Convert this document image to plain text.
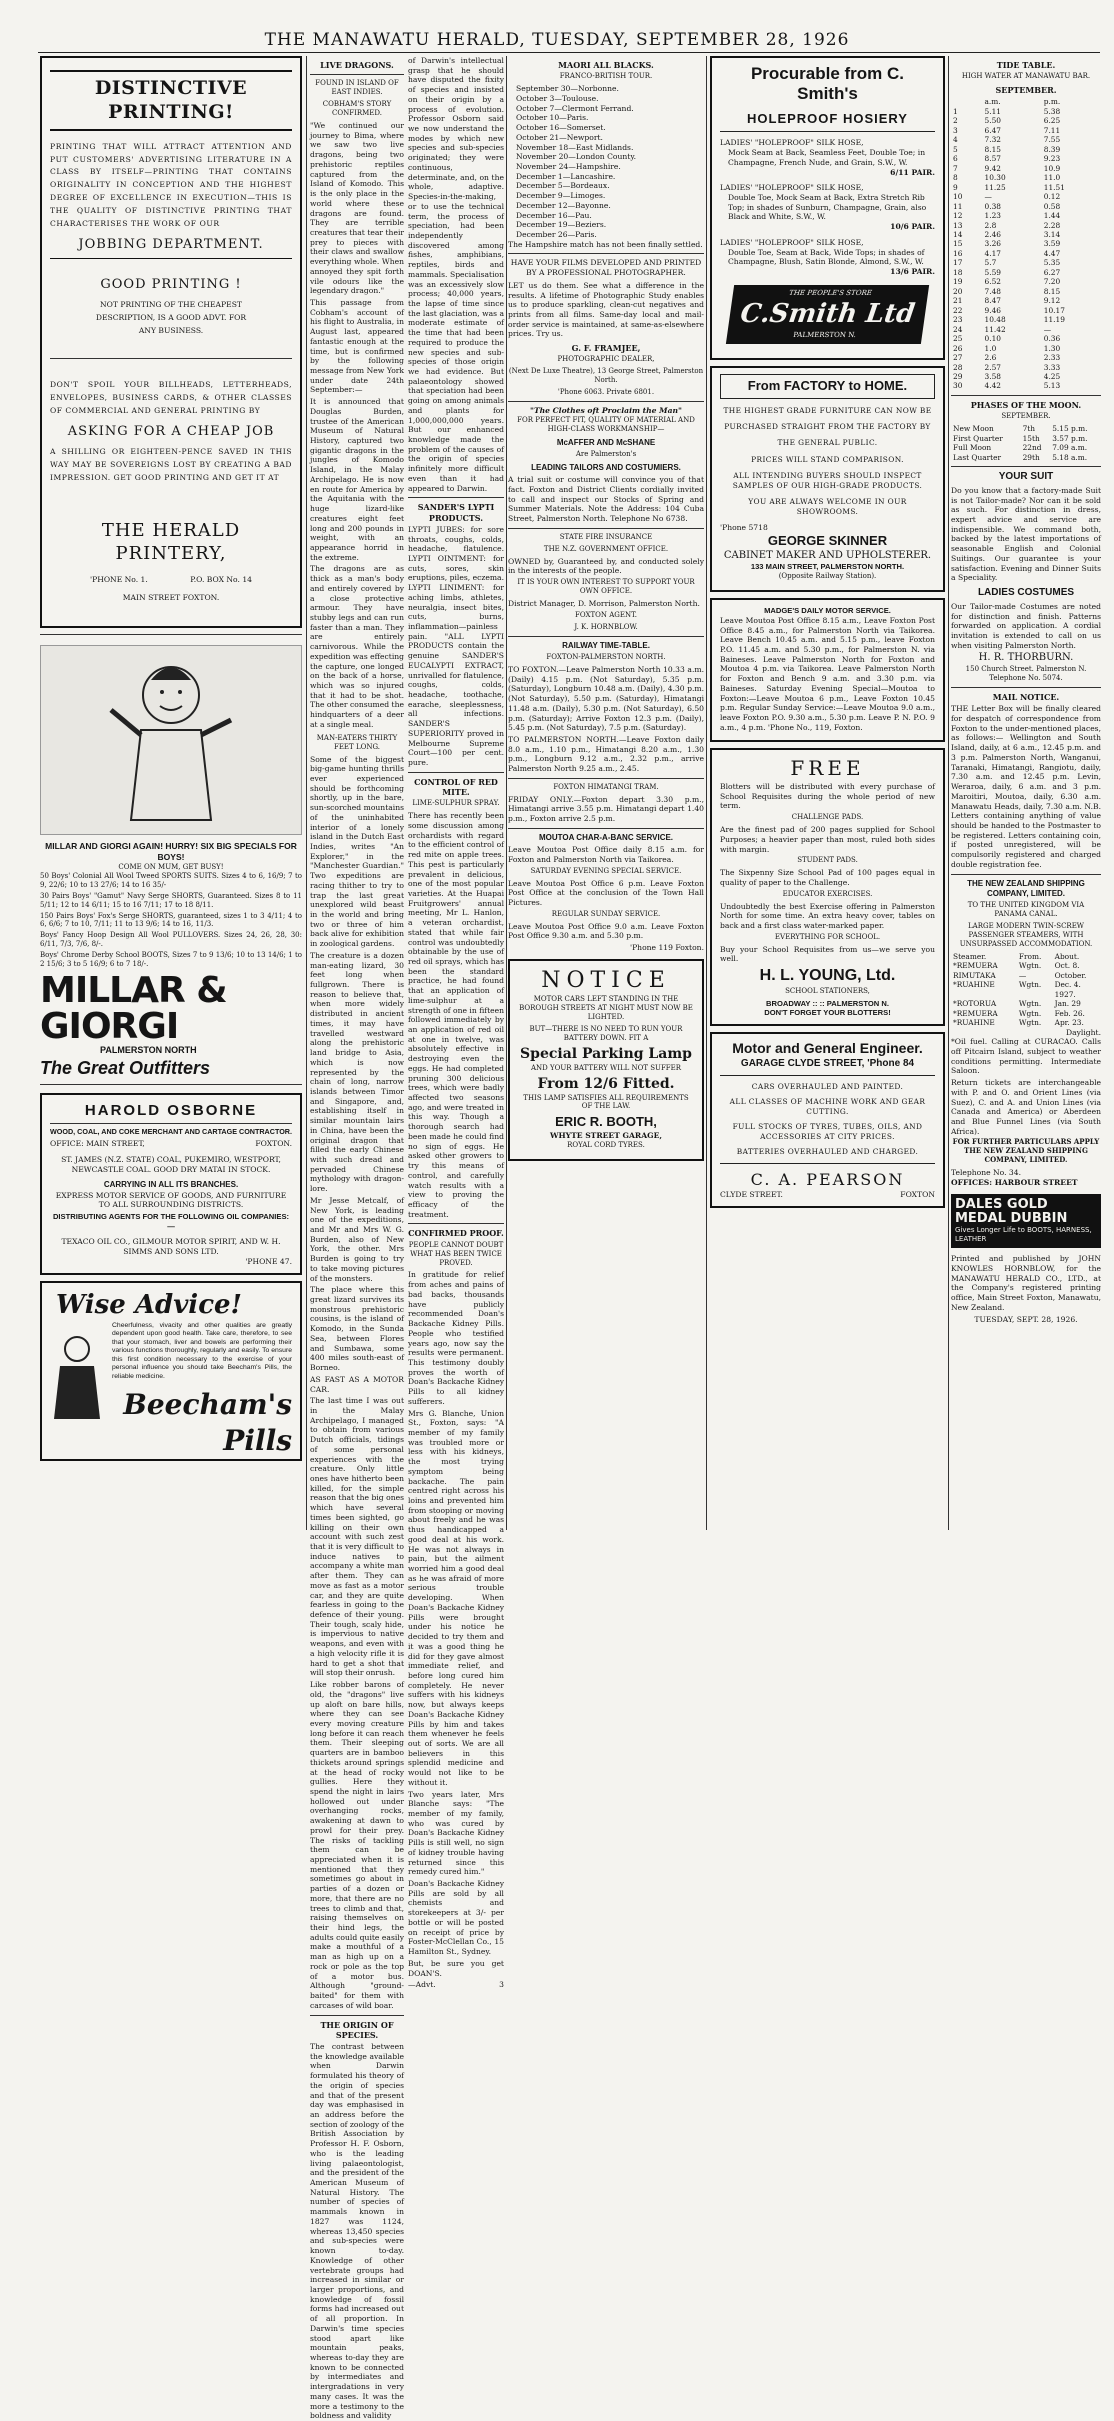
THE MANAWATU HERALD, TUESDAY, SEPTEMBER 28, 1926
DISTINCTIVE PRINTING!

PRINTING THAT WILL ATTRACT ATTENTION AND PUT CUSTOMERS' ADVERTISING LITERATURE IN A CLASS BY ITSELF—PRINTING THAT CONTAINS ORIGINALITY IN CONCEPTION AND THE HIGHEST DEGREE OF EXCELLENCE IN EXECUTION—THIS IS THE QUALITY OF DISTINCTIVE PRINTING THAT CHARACTERISES THE WORK OF OUR

JOBBING DEPARTMENT.
GOOD PRINTING !

NOT PRINTING OF THE CHEAPEST DESCRIPTION, IS A GOOD ADVT. FOR ANY BUSINESS.

DON'T SPOIL YOUR BILLHEADS, LETTERHEADS, ENVELOPES, BUSINESS CARDS, & OTHER CLASSES OF COMMERCIAL AND GENERAL PRINTING BY

ASKING FOR A CHEAP JOB

A SHILLING OR EIGHTEEN-PENCE SAVED IN THIS WAY MAY BE SOVEREIGNS LOST BY CREATING A BAD IMPRESSION. GET GOOD PRINTING AND GET IT AT

THE HERALD PRINTERY,
'PHONE No. 1.	P.O. BOX No. 14
MAIN STREET FOXTON.
MILLAR AND GIORGI AGAIN! HURRY! SIX BIG SPECIALS FOR BOYS!
COME ON MUM, GET BUSY!

50 Boys' Colonial All Wool Tweed SPORTS SUITS. Sizes 4 to 6, 16/9; 7 to 9, 22/6; 10 to 13 27/6; 14 to 16 35/-

30 Pairs Boys' "Gamut" Navy Serge SHORTS, Guaranteed. Sizes 8 to 11 5/11; 12 to 14 6/11; 15 to 16 7/11; 17 to 18 8/11.

150 Pairs Boys' Fox's Serge SHORTS, guaranteed, sizes 1 to 3 4/11; 4 to 6, 6/6; 7 to 10, 7/11; 11 to 13 9/6; 14 to 16, 11/3.

Boys' Fancy Hoop Design All Wool PULLOVERS. Sizes 24, 26, 28, 30: 6/11, 7/3, 7/6, 8/-.

Boys' Chrome Derby School BOOTS, Sizes 7 to 9 13/6; 10 to 13 14/6; 1 to 2 15/6; 3 to 5 16/9; 6 to 7 18/-.

MILLAR & GIORGI
PALMERSTON NORTH
The Great Outfitters
HAROLD OSBORNE
WOOD, COAL, AND COKE MERCHANT AND CARTAGE CONTRACTOR.
OFFICE: MAIN STREET,	FOXTON.
ST. JAMES (N.Z. STATE) COAL, PUKEMIRO, WESTPORT, NEWCASTLE COAL. GOOD DRY MATAI IN STOCK.
CARRYING IN ALL ITS BRANCHES.
EXPRESS MOTOR SERVICE OF GOODS, AND FURNITURE TO ALL SURROUNDING DISTRICTS.
DISTRIBUTING AGENTS FOR THE FOLLOWING OIL COMPANIES:—
TEXACO OIL CO., GILMOUR MOTOR SPIRIT, AND W. H. SIMMS AND SONS LTD.
'PHONE 47.
Wise Advice!

Cheerfulness, vivacity and other qualities are greatly dependent upon good health. Take care, therefore, to see that your stomach, liver and bowels are performing their various functions thoroughly, regularly and easily. To ensure this first condition necessary to the exercise of your personal influence you should take Beecham's Pills, the reliable medicine.

Beecham's Pills
LIVE DRAGONS.
FOUND IN ISLAND OF EAST INDIES.
COBHAM'S STORY CONFIRMED.

"We continued our journey to Bima, where we saw two live dragons, being two prehistoric reptiles captured from the Island of Komodo. This is the only place in the world where these dragons are found. They are terrible creatures that tear their prey to pieces with their claws and swallow everything whole. When annoyed they spit forth vile odours like the legendary dragon."

This passage from Cobham's account of his flight to Australia, in August last, appeared fantastic enough at the time, but is confirmed by the following message from New York under date 24th September:—

It is announced that Douglas Burden, trustee of the American Museum of Natural History, captured two gigantic dragons in the jungles of Komodo Island, in the Malay Archipelago. He is now en route for America by the Aquitania with the huge lizard-like creatures eight feet long and 200 pounds in weight, with an appearance horrid in the extreme.

The dragons are as thick as a man's body and entirely covered by a close protective armour. They have stubby legs and can run faster than a man. They are entirely carnivorous. While the expedition was effecting the capture, one longed on the back of a horse, which was so injured that it had to be shot. The other consumed the hindquarters of a deer at a single meal.

MAN-EATERS THIRTY FEET LONG.

Some of the biggest big-game hunting thrills ever experienced should be forthcoming shortly, up in the bare, sun-scorched mountains of the uninhabited interior of a lonely island in the Dutch East Indies, writes "An Explorer," in the "Manchester Guardian." Two expeditions are racing thither to try to trap the last great unexplored wild beast in the world and bring two or three of him back alive for exhibition in zoological gardens.

The creature is a dozen man-eating lizard, 30 feet long when fullgrown. There is reason to believe that, when more widely distributed in ancient times, it may have travelled westward along the prehistoric land bridge to Asia, which is now represented by the chain of long, narrow islands between Timor and Singapore, and, establishing itself in similar mountain lairs in China, have been the original dragon that filled the early Chinese with such dread and pervaded Chinese mythology with dragon-lore.

Mr Jesse Metcalf, of New York, is leading one of the expeditions, and Mr and Mrs W. G. Burden, also of New York, the other. Mrs Burden is going to try to take moving pictures of the monsters.

The place where this great lizard survives its monstrous prehistoric cousins, is the island of Komodo, in the Sunda Sea, between Flores and Sumbawa, some 400 miles south-east of Borneo.

AS FAST AS A MOTOR CAR.

The last time I was out in the Malay Archipelago, I managed to obtain from various Dutch officials, tidings of some personal experiences with the creature. Only little ones have hitherto been killed, for the simple reason that the big ones which have several times been sighted, go killing on their own account with such zest that it is very difficult to induce natives to accompany a white man after them. They can move as fast as a motor car, and they are quite fearless in going to the defence of their young. Their tough, scaly hide, is impervious to native weapons, and even with a high velocity rifle it is hard to get a shot that will stop their onrush.

Like robber barons of old, the "dragons" live up aloft on bare hills, where they can see every moving creature long before it can reach them. Their sleeping quarters are in bamboo thickets around springs at the head of rocky gullies. Here they spend the night in lairs hollowed out under overhanging rocks, awakening at dawn to prowl for their prey. The risks of tackling them can be appreciated when it is mentioned that they sometimes go about in parties of a dozen or more, that there are no trees to climb and that, raising themselves on their hind legs, the adults could quite easily make a mouthful of a man as high up on a rock or pole as the top of a motor bus. Although "ground-baited" for them with carcases of wild boar.

THE ORIGIN OF SPECIES.

The contrast between the knowledge available when Darwin formulated his theory of the origin of species and that of the present day was emphasised in an address before the section of zoology of the British Association by Professor H. F. Osborn, who is the leading living palaeontologist, and the president of the American Museum of Natural History. The number of species of mammals known in 1827 was 1124, whereas 13,450 species and sub-species were known to-day. Knowledge of other vertebrate groups had increased in similar or larger proportions, and knowledge of fossil forms had increased out of all proportion. In Darwin's time species stood apart like mountain peaks, whereas to-day they are known to be connected by intermediates and intergradations in very many cases. It was the more a testimony to the boldness and validity

of Darwin's intellectual grasp that he should have disputed the fixity of species and insisted on their origin by a process of evolution. Professor Osborn said we now understand the modes by which new species and sub-species originated; they were continuous, determinate, and, on the whole, adaptive. Species-in-the-making, or to use the technical term, the process of speciation, had been independently discovered among fishes, amphibians, reptiles, birds and mammals. Specialisation was an excessively slow process; 40,000 years, the lapse of time since the last glaciation, was a moderate estimate of the time that had been required to produce the new species and sub-species of those origin we had evidence. But palaeontology showed that speciation had been going on among animals and plants for 1,000,000,000 years. But our enhanced knowledge made the problem of the causes of the origin of species infinitely more difficult even than it had appeared to Darwin.

SANDER'S LYPTI PRODUCTS.

LYPTI JUBES: for sore throats, coughs, colds, headache, flatulence. LYPTI OINTMENT: for cuts, sores, skin eruptions, piles, eczema. LYPTI LINIMENT: for aching limbs, athletes, neuralgia, insect bites, cuts, burns, inflammation—painless pain. "ALL LYPTI PRODUCTS contain the genuine SANDER'S EUCALYPTI EXTRACT, unrivalled for flatulence, coughs, colds, headache, toothache, earache, sleeplessness, all infections. SANDER'S SUPERIORITY proved in Melbourne Supreme Court—100 per cent. pure.

CONTROL OF RED MITE.
LIME-SULPHUR SPRAY.

There has recently been some discussion among orchardists with regard to the efficient control of red mite on apple trees. This pest is particularly prevalent in delicious, one of the most popular varieties. At the Huapai Fruitgrowers' annual meeting, Mr L. Hanlon, a veteran orchardist, stated that while fair control was undoubtedly obtainable by the use of red oil sprays, which has been the standard practice, he had found that an application of lime-sulphur at a strength of one in fifteen followed immediately by an application of red oil at one in twelve, was absolutely effective in destroying even the eggs. He had completed pruning 300 delicious trees, which were badly affected two seasons ago, and were treated in this way. Though a thorough search had been made he could find no sign of eggs. He asked other growers to try this means of control, and carefully watch results with a view to proving the efficacy of the treatment.

CONFIRMED PROOF.
PEOPLE CANNOT DOUBT WHAT HAS BEEN TWICE PROVED.

In gratitude for relief from aches and pains of bad backs, thousands have publicly recommended Doan's Backache Kidney Pills. People who testified years ago, now say the results were permanent. This testimony doubly proves the worth of Doan's Backache Kidney Pills to all kidney sufferers.

Mrs G. Blanche, Union St., Foxton, says: "A member of my family was troubled more or less with his kidneys, the most trying symptom being backache. The pain centred right across his loins and prevented him from stooping or moving about freely and he was thus handicapped a good deal at his work. He was not always in pain, but the ailment worried him a good deal as he was afraid of more serious trouble developing. When Doan's Backache Kidney Pills were brought under his notice he decided to try them and it was a good thing he did for they gave almost immediate relief, and before long cured him completely. He never suffers with his kidneys now, but always keeps Doan's Backache Kidney Pills by him and takes them whenever he feels out of sorts. We are all believers in this splendid medicine and would not like to be without it.

Two years later, Mrs Blanche says: "The member of my family, who was cured by Doan's Backache Kidney Pills is still well, no sign of kidney trouble having returned since this remedy cured him."

Doan's Backache Kidney Pills are sold by all chemists and storekeepers at 3/- per bottle or will be posted on receipt of price by Foster-McClellan Co., 15 Hamilton St., Sydney.

But, be sure you get DOAN'S.

—Advt.	3
MAORI ALL BLACKS.
FRANCO-BRITISH TOUR.
September 30—Norbonne.
October 3—Toulouse.
October 7—Clermont Ferrand.
October 10—Paris.
October 16—Somerset.
October 21—Newport.
November 18—East Midlands.
November 20—London County.
November 24—Hampshire.
December 1—Lancashire.
December 5—Bordeaux.
December 9—Limoges.
December 12—Bayonne.
December 16—Pau.
December 19—Beziers.
December 26—Paris.

The Hampshire match has not been finally settled.

HAVE YOUR FILMS DEVELOPED AND PRINTED BY A PROFESSIONAL PHOTOGRAPHER.

LET us do them. See what a difference in the results. A lifetime of Photographic Study enables us to produce sparkling, clean-cut negatives and prints from all films. Same-day local and mail-order service is maintained, at same-as-elsewhere prices. Try us.

G. F. FRAMJEE,
PHOTOGRAPHIC DEALER,
(Next De Luxe Theatre), 13 George Street, Palmerston North.
'Phone 6063. Private 6801.
"The Clothes oft Proclaim the Man"
FOR PERFECT FIT, QUALITY OF MATERIAL AND HIGH-CLASS WORKMANSHIP—
McAFFER AND McSHANE
Are Palmerston's
LEADING TAILORS AND COSTUMIERS.

A trial suit or costume will convince you of that fact. Foxton and District Clients cordially invited to call and inspect our Stocks of Spring and Summer Materials. Note the Address: 104 Cuba Street, Palmerston North. Telephone No 6738.

STATE FIRE INSURANCE
THE N.Z. GOVERNMENT OFFICE.

OWNED by, Guaranteed by, and conducted solely in the interests of the people.

IT IS YOUR OWN INTEREST TO SUPPORT YOUR OWN OFFICE.

District Manager, D. Morrison, Palmerston North.

FOXTON AGENT.
J. K. HORNBLOW.
RAILWAY TIME-TABLE.
FOXTON-PALMERSTON NORTH.

TO FOXTON.—Leave Palmerston North 10.33 a.m. (Daily) 4.15 p.m. (Not Saturday), 5.35 p.m. (Saturday), Longburn 10.48 a.m. (Daily), 4.30 p.m. (Not Saturday), 5.50 p.m. (Saturday), Himatangi 11.48 a.m. (Daily), 5.30 p.m. (Not Saturday), 6.50 p.m. (Saturday); Arrive Foxton 12.3 p.m. (Daily), 5.45 p.m. (Not Saturday), 7.5 p.m. (Saturday).

TO PALMERSTON NORTH.—Leave Foxton daily 8.0 a.m., 1.10 p.m., Himatangi 8.20 a.m., 1.30 p.m., Longburn 9.12 a.m., 2.32 p.m., arrive Palmerston North 9.25 a.m., 2.45.

FOXTON HIMATANGI TRAM.

FRIDAY ONLY.—Foxton depart 3.30 p.m., Himatangi arrive 3.55 p.m. Himatangi depart 1.40 p.m., Foxton arrive 2.5 p.m.

MOUTOA CHAR-A-BANC SERVICE.

Leave Moutoa Post Office daily 8.15 a.m. for Foxton and Palmerston North via Taikorea.

SATURDAY EVENING SPECIAL SERVICE.

Leave Moutoa Post Office 6 p.m. Leave Foxton Post Office at the conclusion of the Town Hall Pictures.

REGULAR SUNDAY SERVICE.

Leave Moutoa Post Office 9.0 a.m. Leave Foxton Post Office 9.30 a.m. and 5.30 p.m.

'Phone 119 Foxton.
NOTICE
MOTOR CARS LEFT STANDING IN THE BOROUGH STREETS AT NIGHT MUST NOW BE LIGHTED.
BUT—THERE IS NO NEED TO RUN YOUR BATTERY DOWN. FIT A
Special Parking Lamp
AND YOUR BATTERY WILL NOT SUFFER
From 12/6 Fitted.
THIS LAMP SATISFIES ALL REQUIREMENTS OF THE LAW.
ERIC R. BOOTH,
WHYTE STREET GARAGE,
ROYAL CORD TYRES.
Procurable from C. Smith's
HOLEPROOF HOSIERY
LADIES' "HOLEPROOF" SILK HOSE,
Mock Seam at Back, Seamless Feet, Double Toe; in Champagne, French Nude, and Grain, S.W., W.
6/11 PAIR.
LADIES' "HOLEPROOF" SILK HOSE,
Double Toe, Mock Seam at Back, Extra Stretch Rib Top; in shades of Sunburn, Champagne, Grain, also Black and White, S.W., W.
10/6 PAIR.
LADIES' "HOLEPROOF" SILK HOSE,
Double Toe, Seam at Back, Wide Tops; in shades of Champagne, Blush, Satin Blonde, Almond, S.W., W.
13/6 PAIR.
THE PEOPLE'S STORE
C.Smith Ltd
PALMERSTON N.
From FACTORY to HOME.
THE HIGHEST GRADE FURNITURE CAN NOW BE
PURCHASED STRAIGHT FROM THE FACTORY BY
THE GENERAL PUBLIC.
PRICES WILL STAND COMPARISON.
ALL INTENDING BUYERS SHOULD INSPECT SAMPLES OF OUR HIGH-GRADE PRODUCTS.
YOU ARE ALWAYS WELCOME IN OUR SHOWROOMS.
'Phone 5718
GEORGE SKINNER
CABINET MAKER AND UPHOLSTERER.
133 MAIN STREET, PALMERSTON NORTH.
(Opposite Railway Station).
MADGE'S DAILY MOTOR SERVICE.

Leave Moutoa Post Office 8.15 a.m., Leave Foxton Post Office 8.45 a.m., for Palmerston North via Taikorea. Leave Bench 10.45 a.m. and 5.15 p.m., leave Foxton P.O. 11.45 a.m. and 5.30 p.m., for Palmerston N. via Baineses. Leave Palmerston North for Foxton and Moutoa 4 p.m. via Taikorea. Leave Palmerston North for Foxton and Bench 9 a.m. and 3.30 p.m. via Baineses. Saturday Evening Special—Moutoa to Foxton:—Leave Moutoa 6 p.m., Leave Foxton 10.45 p.m. Regular Sunday Service:—Leave Moutoa 9.0 a.m., leave Foxton P.O. 9.30 a.m., 5.30 p.m. Leave P. N. P.O. 9 a.m., 4 p.m. 'Phone No., 119, Foxton.

FREE

Blotters will be distributed with every purchase of School Requisites during the whole period of new term.

CHALLENGE PADS.

Are the finest pad of 200 pages supplied for School Purposes; a heavier paper than most, ruled both sides with margin.

STUDENT PADS.

The Sixpenny Size School Pad of 100 pages equal in quality of paper to the Challenge.

EDUCATOR EXERCISES.

Undoubtedly the best Exercise offering in Palmerston North for some time. An extra heavy cover, tables on back and a first class water-marked paper.

EVERYTHING FOR SCHOOL.

Buy your School Requisites from us—we serve you well.

H. L. YOUNG, Ltd.
SCHOOL STATIONERS,
BROADWAY :: :: PALMERSTON N.
DON'T FORGET YOUR BLOTTERS!
Motor and General Engineer.
GARAGE CLYDE STREET, 'Phone 84
CARS OVERHAULED AND PAINTED.
ALL CLASSES OF MACHINE WORK AND GEAR CUTTING.
FULL STOCKS OF TYRES, TUBES, OILS, AND ACCESSORIES AT CITY PRICES.
BATTERIES OVERHAULED AND CHARGED.
C. A. PEARSON
CLYDE STREET.	FOXTON
TIDE TABLE.
HIGH WATER AT MANAWATU BAR.
SEPTEMBER.
	a.m.	p.m.
1	5.11	5.38
2	5.50	6.25
3	6.47	7.11
4	7.32	7.55
5	8.15	8.39
6	8.57	9.23
7	9.42	10.9
8	10.30	11.0
9	11.25	11.51
10	—	0.12
11	0.38	0.58
12	1.23	1.44
13	2.8	2.28
14	2.46	3.14
15	3.26	3.59
16	4.17	4.47
17	5.7	5.35
18	5.59	6.27
19	6.52	7.20
20	7.48	8.15
21	8.47	9.12
22	9.46	10.17
23	10.48	11.19
24	11.42	—
25	0.10	0.36
26	1.0	1.30
27	2.6	2.33
28	2.57	3.33
29	3.58	4.25
30	4.42	5.13
PHASES OF THE MOON.
SEPTEMBER.
New Moon	7th	5.15 p.m.
First Quarter	15th	3.57 p.m.
Full Moon	22nd	7.09 a.m.
Last Quarter	29th	5.18 a.m.
YOUR SUIT

Do you know that a factory-made Suit is not Tailor-made? Nor can it be sold as such. For distinction in dress, expert advice and service are indispensible. We command both, backed by the latest importations of seasonable English and Colonial Suitings. Our guarantee is your satisfaction. Evening and Dinner Suits a Speciality.

LADIES COSTUMES

Our Tailor-made Costumes are noted for distinction and finish. Patterns forwarded on application. A cordial invitation is extended to call on us when visiting Palmerston North.

H. R. THORBURN.
150 Church Street. Palmerston N. Telephone No. 5074.
MAIL NOTICE.

THE Letter Box will be finally cleared for despatch of correspondence from Foxton to the under-mentioned places, as follows:— Wellington and South Island, daily, at 6 a.m., 12.45 p.m. and 3 p.m. Palmerston North, Wanganui, Taranaki, Himatangi, Rangiotu, daily, 7.30 a.m. and 12.45 p.m. Levin, Weraroa, daily, 6 a.m. and 3 p.m. Maroitiri, Moutoa, daily, 6.30 a.m. Manawatu Heads, daily, 7.30 a.m. N.B. Letters containing anything of value should be handed to the Postmaster to be registered. Letters containing coin, if posted unregistered, will be compulsorily registered and charged double registration fee.

THE NEW ZEALAND SHIPPING COMPANY, LIMITED.
TO THE UNITED KINGDOM VIA PANAMA CANAL.
LARGE MODERN TWIN-SCREW PASSENGER STEAMERS, WITH UNSURPASSED ACCOMMODATION.
Steamer.	From.	About.
*REMUERA	Wgtn.	Oct. 8.
RIMUTAKA	—	October.
*RUAHINE	Wgtn.	Dec. 4.
		1927.
*ROTORUA	Wgtn.	Jan. 29
*REMUERA	Wgtn.	Feb. 26.
*RUAHINE	Wgtn.	Apr. 23.
Daylight.

*Oil fuel. Calling at CURACAO. Calls off Pitcairn Island, subject to weather conditions permitting. Intermediate Saloon.

Return tickets are interchangeable with P. and O. and Orient Lines (via Suez), C. and A. and Union Lines (via Canada and America) or Aberdeen and Blue Funnel Lines (via South Africa).

FOR FURTHER PARTICULARS APPLY THE NEW ZEALAND SHIPPING COMPANY, LIMITED.
Telephone No. 34.
OFFICES: HARBOUR STREET
DALES GOLD MEDAL DUBBIN
Gives Longer Life to BOOTS, HARNESS, LEATHER

Printed and published by JOHN KNOWLES HORNBLOW, for the MANAWATU HERALD CO., LTD., at the Company's registered printing office, Main Street Foxton, Manawatu, New Zealand.

TUESDAY, SEPT. 28, 1926.
